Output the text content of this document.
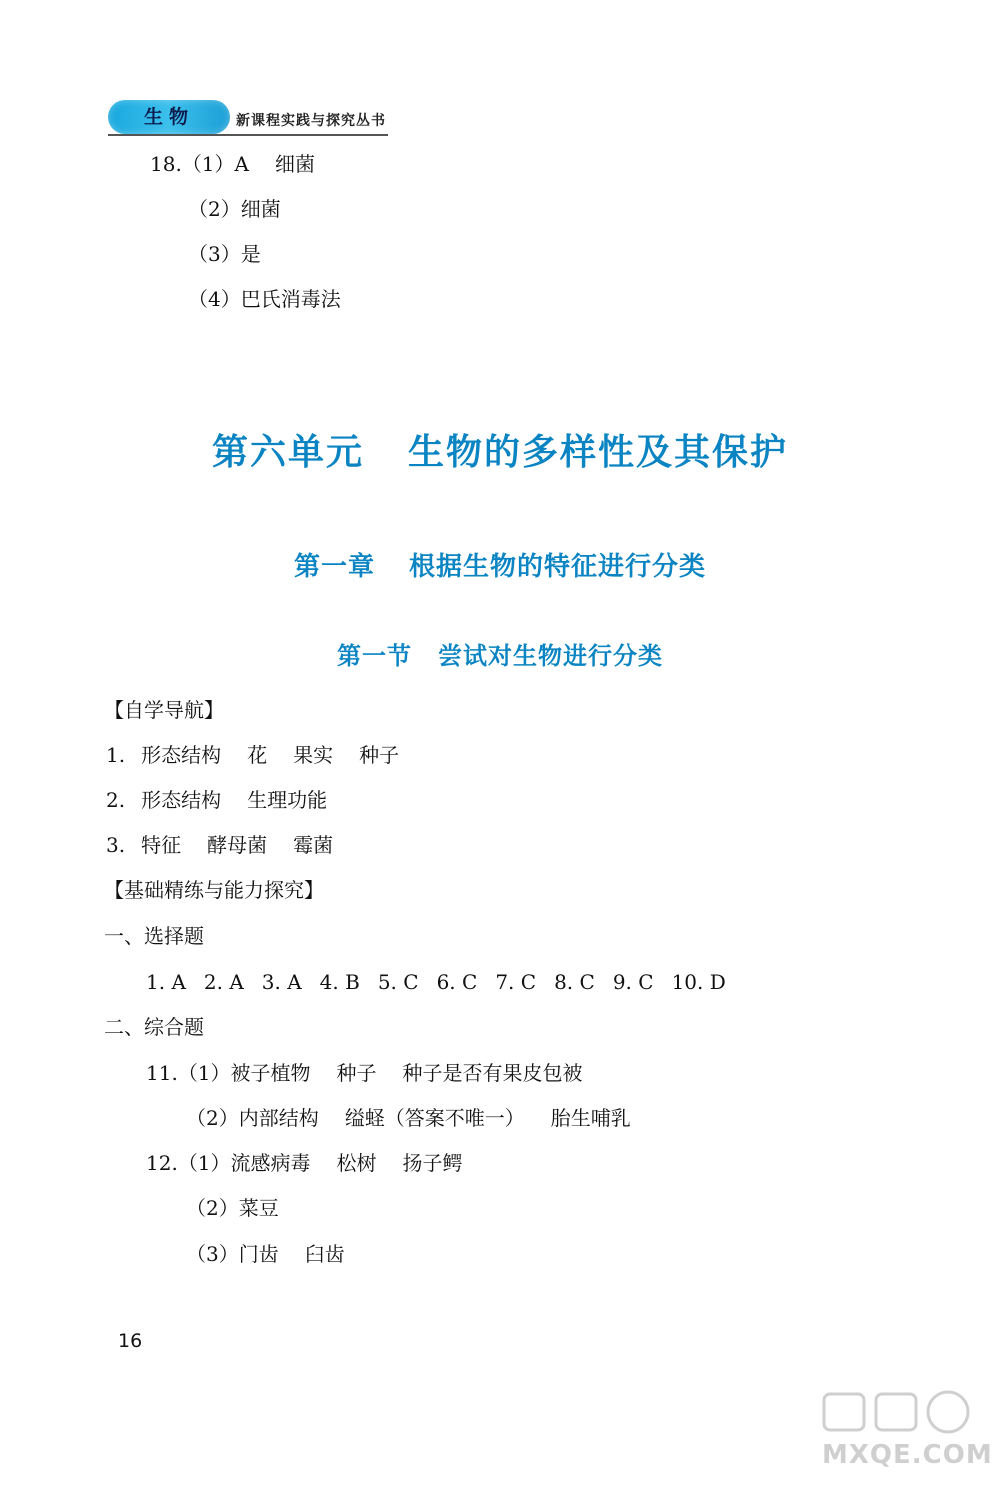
生物	新课程实践与探究丛书
18.（1）A 细菌
（2）细菌
（3）是
（4）巴氏消毒法
第六单元 生物的多样性及其保护
第一章 根据生物的特征进行分类
第一节 尝试对生物进行分类
【自学导航】
1. 形态结构 花 果实 种子
2. 形态结构 生理功能
3. 特征 酵母菌 霉菌
【基础精练与能力探究】
一、选择题
1. A 2. A 3. A 4. B 5. C 6. C 7. C 8. C 9. C 10. D
二、综合题
11.（1）被子植物 种子 种子是否有果皮包被
（2）内部结构 缢蛏（答案不唯一） 胎生哺乳
12.（1）流感病毒 松树 扬子鳄
（2）菜豆
（3）门齿 臼齿
16
MXQE.COM
